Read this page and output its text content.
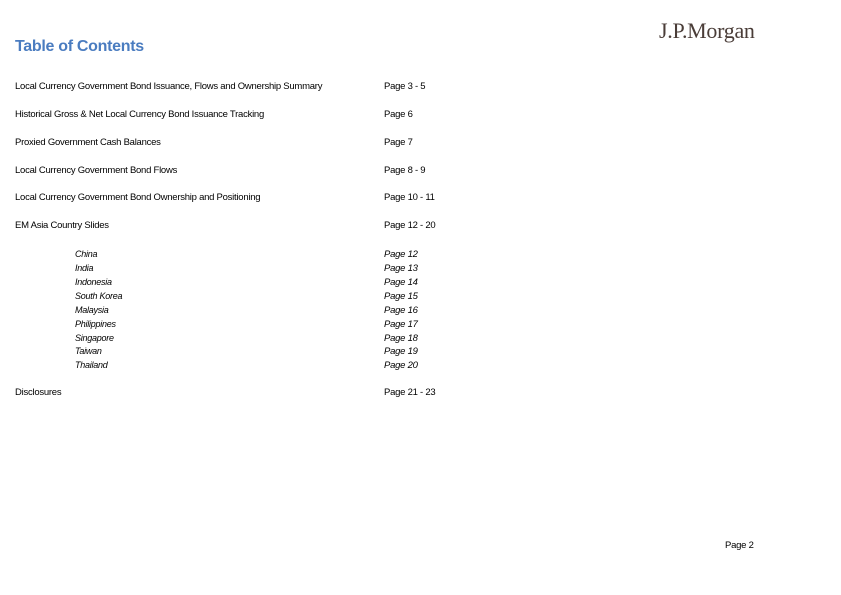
J.P.Morgan
Table of Contents
Local Currency Government Bond Issuance, Flows and Ownership Summary	Page 3 - 5
Historical Gross & Net Local Currency Bond Issuance Tracking	Page 6
Proxied Government Cash Balances	Page 7
Local Currency Government Bond Flows	Page 8 - 9
Local Currency Government Bond Ownership and Positioning	Page 10 - 11
EM Asia Country Slides	Page 12 - 20
China	Page 12
India	Page 13
Indonesia	Page 14
South Korea	Page 15
Malaysia	Page 16
Philippines	Page 17
Singapore	Page 18
Taiwan	Page 19
Thailand	Page 20
Disclosures	Page 21 - 23
Page 2
